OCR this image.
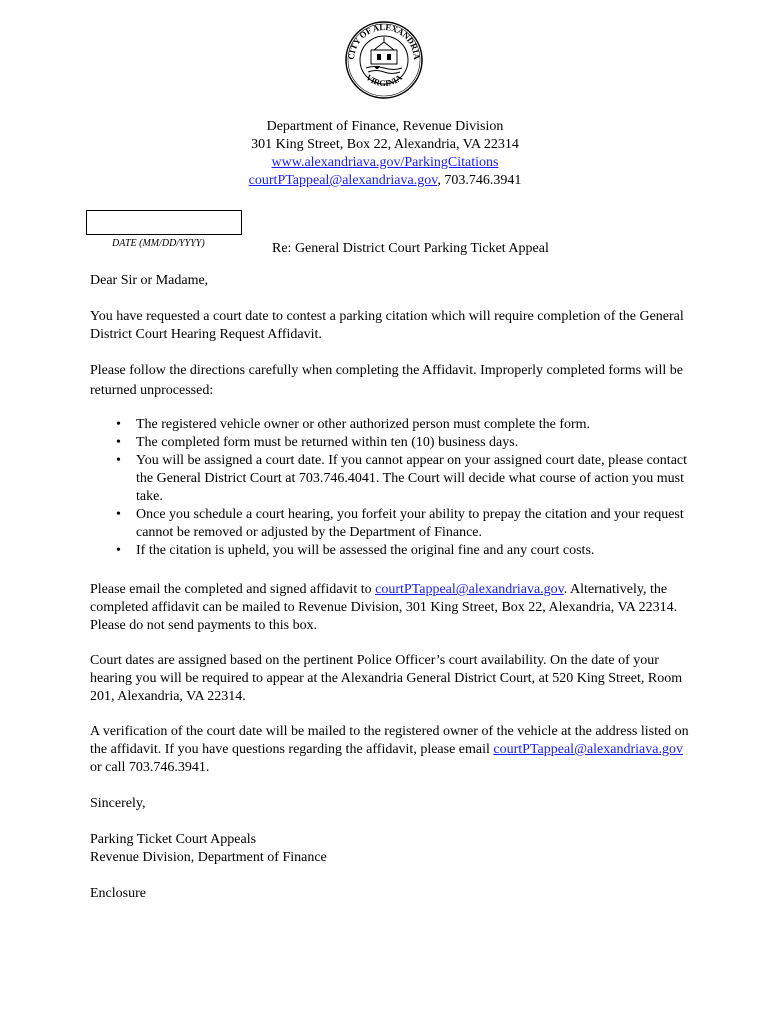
CITY OF ALEXANDRIA
VIRGINIA
Department of Finance, Revenue Division
301 King Street, Box 22, Alexandria, VA 22314
www.alexandriava.gov/ParkingCitations
courtPTappeal@alexandriava.gov, 703.746.3941
DATE (MM/DD/YYYY)	Re: General District Court Parking Ticket Appeal
Dear Sir or Madame,
You have requested a court date to contest a parking citation which will require completion of the General District Court Hearing Request Affidavit.
Please follow the directions carefully when completing the Affidavit. Improperly completed forms will be returned unprocessed:
• The registered vehicle owner or other authorized person must complete the form.
• The completed form must be returned within ten (10) business days.
• You will be assigned a court date. If you cannot appear on your assigned court date, please contact the General District Court at 703.746.4041. The Court will decide what course of action you must take.
• Once you schedule a court hearing, you forfeit your ability to prepay the citation and your request cannot be removed or adjusted by the Department of Finance.
• If the citation is upheld, you will be assessed the original fine and any court costs.
Please email the completed and signed affidavit to courtPTappeal@alexandriava.gov. Alternatively, the completed affidavit can be mailed to Revenue Division, 301 King Street, Box 22, Alexandria, VA 22314. Please do not send payments to this box.
Court dates are assigned based on the pertinent Police Officer’s court availability. On the date of your hearing you will be required to appear at the Alexandria General District Court, at 520 King Street, Room 201, Alexandria, VA 22314.
A verification of the court date will be mailed to the registered owner of the vehicle at the address listed on the affidavit. If you have questions regarding the affidavit, please email courtPTappeal@alexandriava.gov or call 703.746.3941.
Sincerely,
Parking Ticket Court Appeals
Revenue Division, Department of Finance
Enclosure
